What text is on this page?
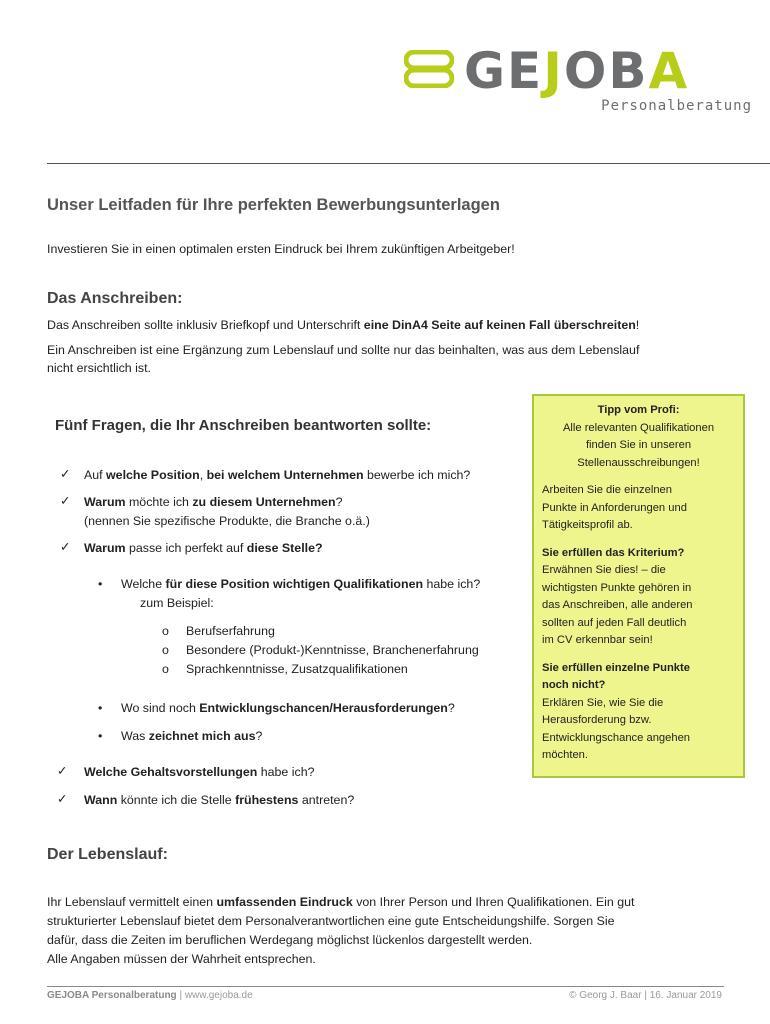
GEJOBA
Personalberatung
Unser Leitfaden für Ihre perfekten Bewerbungsunterlagen
Investieren Sie in einen optimalen ersten Eindruck bei Ihrem zukünftigen Arbeitgeber!
Das Anschreiben:
Das Anschreiben sollte inklusiv Briefkopf und Unterschrift eine DinA4 Seite auf keinen Fall überschreiten!
Ein Anschreiben ist eine Ergänzung zum Lebenslauf und sollte nur das beinhalten, was aus dem Lebenslauf
nicht ersichtlich ist.
Fünf Fragen, die Ihr Anschreiben beantworten sollte:
✓ Auf welche Position, bei welchem Unternehmen bewerbe ich mich?
✓ Warum möchte ich zu diesem Unternehmen?
(nennen Sie spezifische Produkte, die Branche o.ä.)
✓ Warum passe ich perfekt auf diese Stelle?
• Welche für diese Position wichtigen Qualifikationen habe ich?
zum Beispiel:
o Berufserfahrung
o Besondere (Produkt-)Kenntnisse, Branchenerfahrung
o Sprachkenntnisse, Zusatzqualifikationen
• Wo sind noch Entwicklungschancen/Herausforderungen?
• Was zeichnet mich aus?
✓ Welche Gehaltsvorstellungen habe ich?
✓ Wann könnte ich die Stelle frühestens antreten?
Tipp vom Profi:
Alle relevanten Qualifikationen
finden Sie in unseren
Stellenausschreibungen!
Arbeiten Sie die einzelnen
Punkte in Anforderungen und
Tätigkeitsprofil ab.
Sie erfüllen das Kriterium?
Erwähnen Sie dies! – die
wichtigsten Punkte gehören in
das Anschreiben, alle anderen
sollten auf jeden Fall deutlich
im CV erkennbar sein!
Sie erfüllen einzelne Punkte
noch nicht?
Erklären Sie, wie Sie die
Herausforderung bzw.
Entwicklungschance angehen
möchten.
Der Lebenslauf:
Ihr Lebenslauf vermittelt einen umfassenden Eindruck von Ihrer Person und Ihren Qualifikationen. Ein gut
strukturierter Lebenslauf bietet dem Personalverantwortlichen eine gute Entscheidungshilfe. Sorgen Sie
dafür, dass die Zeiten im beruflichen Werdegang möglichst lückenlos dargestellt werden.
Alle Angaben müssen der Wahrheit entsprechen.
GEJOBA Personalberatung | www.gejoba.de	© Georg J. Baar | 16. Januar 2019
